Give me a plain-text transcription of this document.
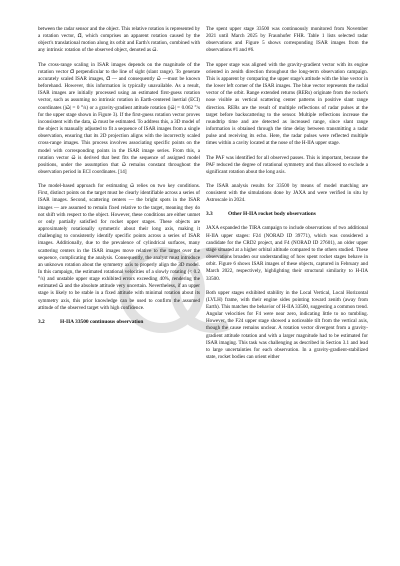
between the radar sensor and the object. This relative rotation is represented by a rotation vector, Ω⃗, which comprises an apparent rotation caused by the object's translational motion along its orbit and Earth's rotation, combined with any intrinsic rotation of the observed object, denoted as ω⃗.

The cross-range scaling in ISAR images depends on the magnitude of the rotation vector Ω⃗ perpendicular to the line of sight (slant range). To generate accurately scaled ISAR images, Ω⃗ — and consequently ω⃗ —must be known beforehand. However, this information is typically unavailable. As a result, ISAR images are initially processed using an estimated first-guess rotation vector, such as assuming no intrinsic rotation in Earth-centered inertial (ECI) coordinates (|ω⃗| = 0 °/s) or a gravity-gradient attitude rotation (|ω⃗| = 0.062 °/s for the upper stage shown in Figure 3). If the first-guess rotation vector proves inconsistent with the data, ω⃗ must be estimated. To address this, a 3D model of the object is manually adjusted to fit a sequence of ISAR images from a single observation, ensuring that its 2D projection aligns with the incorrectly scaled cross-range images. This process involves associating specific points on the model with corresponding points in the ISAR image series. From this, a rotation vector ω⃗ is derived that best fits the sequence of assigned model positions, under the assumption that ω⃗ remains constant throughout the observation period in ECI coordinates. [14]

The model-based approach for estimating ω⃗ relies on two key conditions. First, distinct points on the target must be clearly identifiable across a series of ISAR images. Second, scattering centers — the bright spots in the ISAR images — are assumed to remain fixed relative to the target, meaning they do not shift with respect to the object. However, these conditions are either unmet or only partially satisfied for rocket upper stages. These objects are approximately rotationally symmetric about their long axis, making it challenging to consistently identify specific points across a series of ISAR images. Additionally, due to the prevalence of cylindrical surfaces, many scattering centers in the ISAR images move relative to the target over the sequence, complicating the analysis. Consequently, the analyst must introduce an unknown rotation about the symmetry axis to properly align the 3D model. In this campaign, the estimated rotational velocities of a slowly rotating (< 0.2 °/s) and unstable upper stage exhibited errors exceeding 40%, rendering the estimated ω⃗ and the absolute attitude very uncertain. Nevertheless, if an upper stage is likely to be stable in a fixed attitude with minimal rotation about its symmetry axis, this prior knowledge can be used to confirm the assumed attitude of the observed target with high confidence.

3.2	H-IIA 33500 continuous observation

The spent upper stage 33500 was continuously monitored from November 2021 until March 2025 by Fraunhofer FHR. Table 1 lists selected radar observations and Figure 5 shows corresponding ISAR images from the observations #1 and #6.

The upper stage was aligned with the gravity-gradient vector with its engine oriented in zenith direction throughout the long-term observation campaign. This is apparent by comparing the upper stage's attitude with the blue vector in the lower left corner of the ISAR images. The blue vector represents the radial vector of the orbit. Range extended returns (RERs) originate from the rocket's nose visible as vertical scattering center patterns in positive slant range direction. RERs are the result of multiple reflections of radar pulses at the target before backscattering to the sensor. Multiple reflections increase the roundtrip time and are detected as increased range, since slant range information is obtained through the time delay between transmitting a radar pulse and receiving its echo. Here, the radar pulses were reflected multiple times within a cavity located at the nose of the H-IIA upper stage.

The PAF was identified for all observed passes. This is important, because the PAF reduced the degree of rotational symmetry and thus allowed to exclude a significant rotation about the long axis.

The ISAR analysis results for 33500 by means of model matching are consistent with the simulations done by JAXA and were verified in situ by Astroscale in 2024.

3.3	Other H-IIA rocket body observations

JAXA expanded the TIRA campaign to include observations of two additional H-IIA upper stages: F24 (NORAD ID 39771), which was considered a candidate for the CRD2 project, and F4 (NORAD ID 27601), an older upper stage situated at a higher orbital altitude compared to the others studied. These observations broaden our understanding of how spent rocket stages behave in orbit. Figure 6 shows ISAR images of these objects, captured in February and March 2022, respectively, highlighting their structural similarity to H-IIA 33500.

Both upper stages exhibited stability in the Local Vertical, Local Horizontal (LVLH) frame, with their engine sides pointing toward zenith (away from Earth). This matches the behavior of H-IIA 33500, suggesting a common trend. Angular velocities for F4 were near zero, indicating little to no tumbling. However, the F24 upper stage showed a noticeable tilt from the vertical axis, though the cause remains unclear. A rotation vector divergent from a gravity-gradient attitude rotation and with a larger magnitude had to be estimated for ISAR imaging. This task was challenging as described in Section 3.1 and lead to large uncertainties for each observation. In a gravity-gradient-stabilized state, rocket bodies can orient either
